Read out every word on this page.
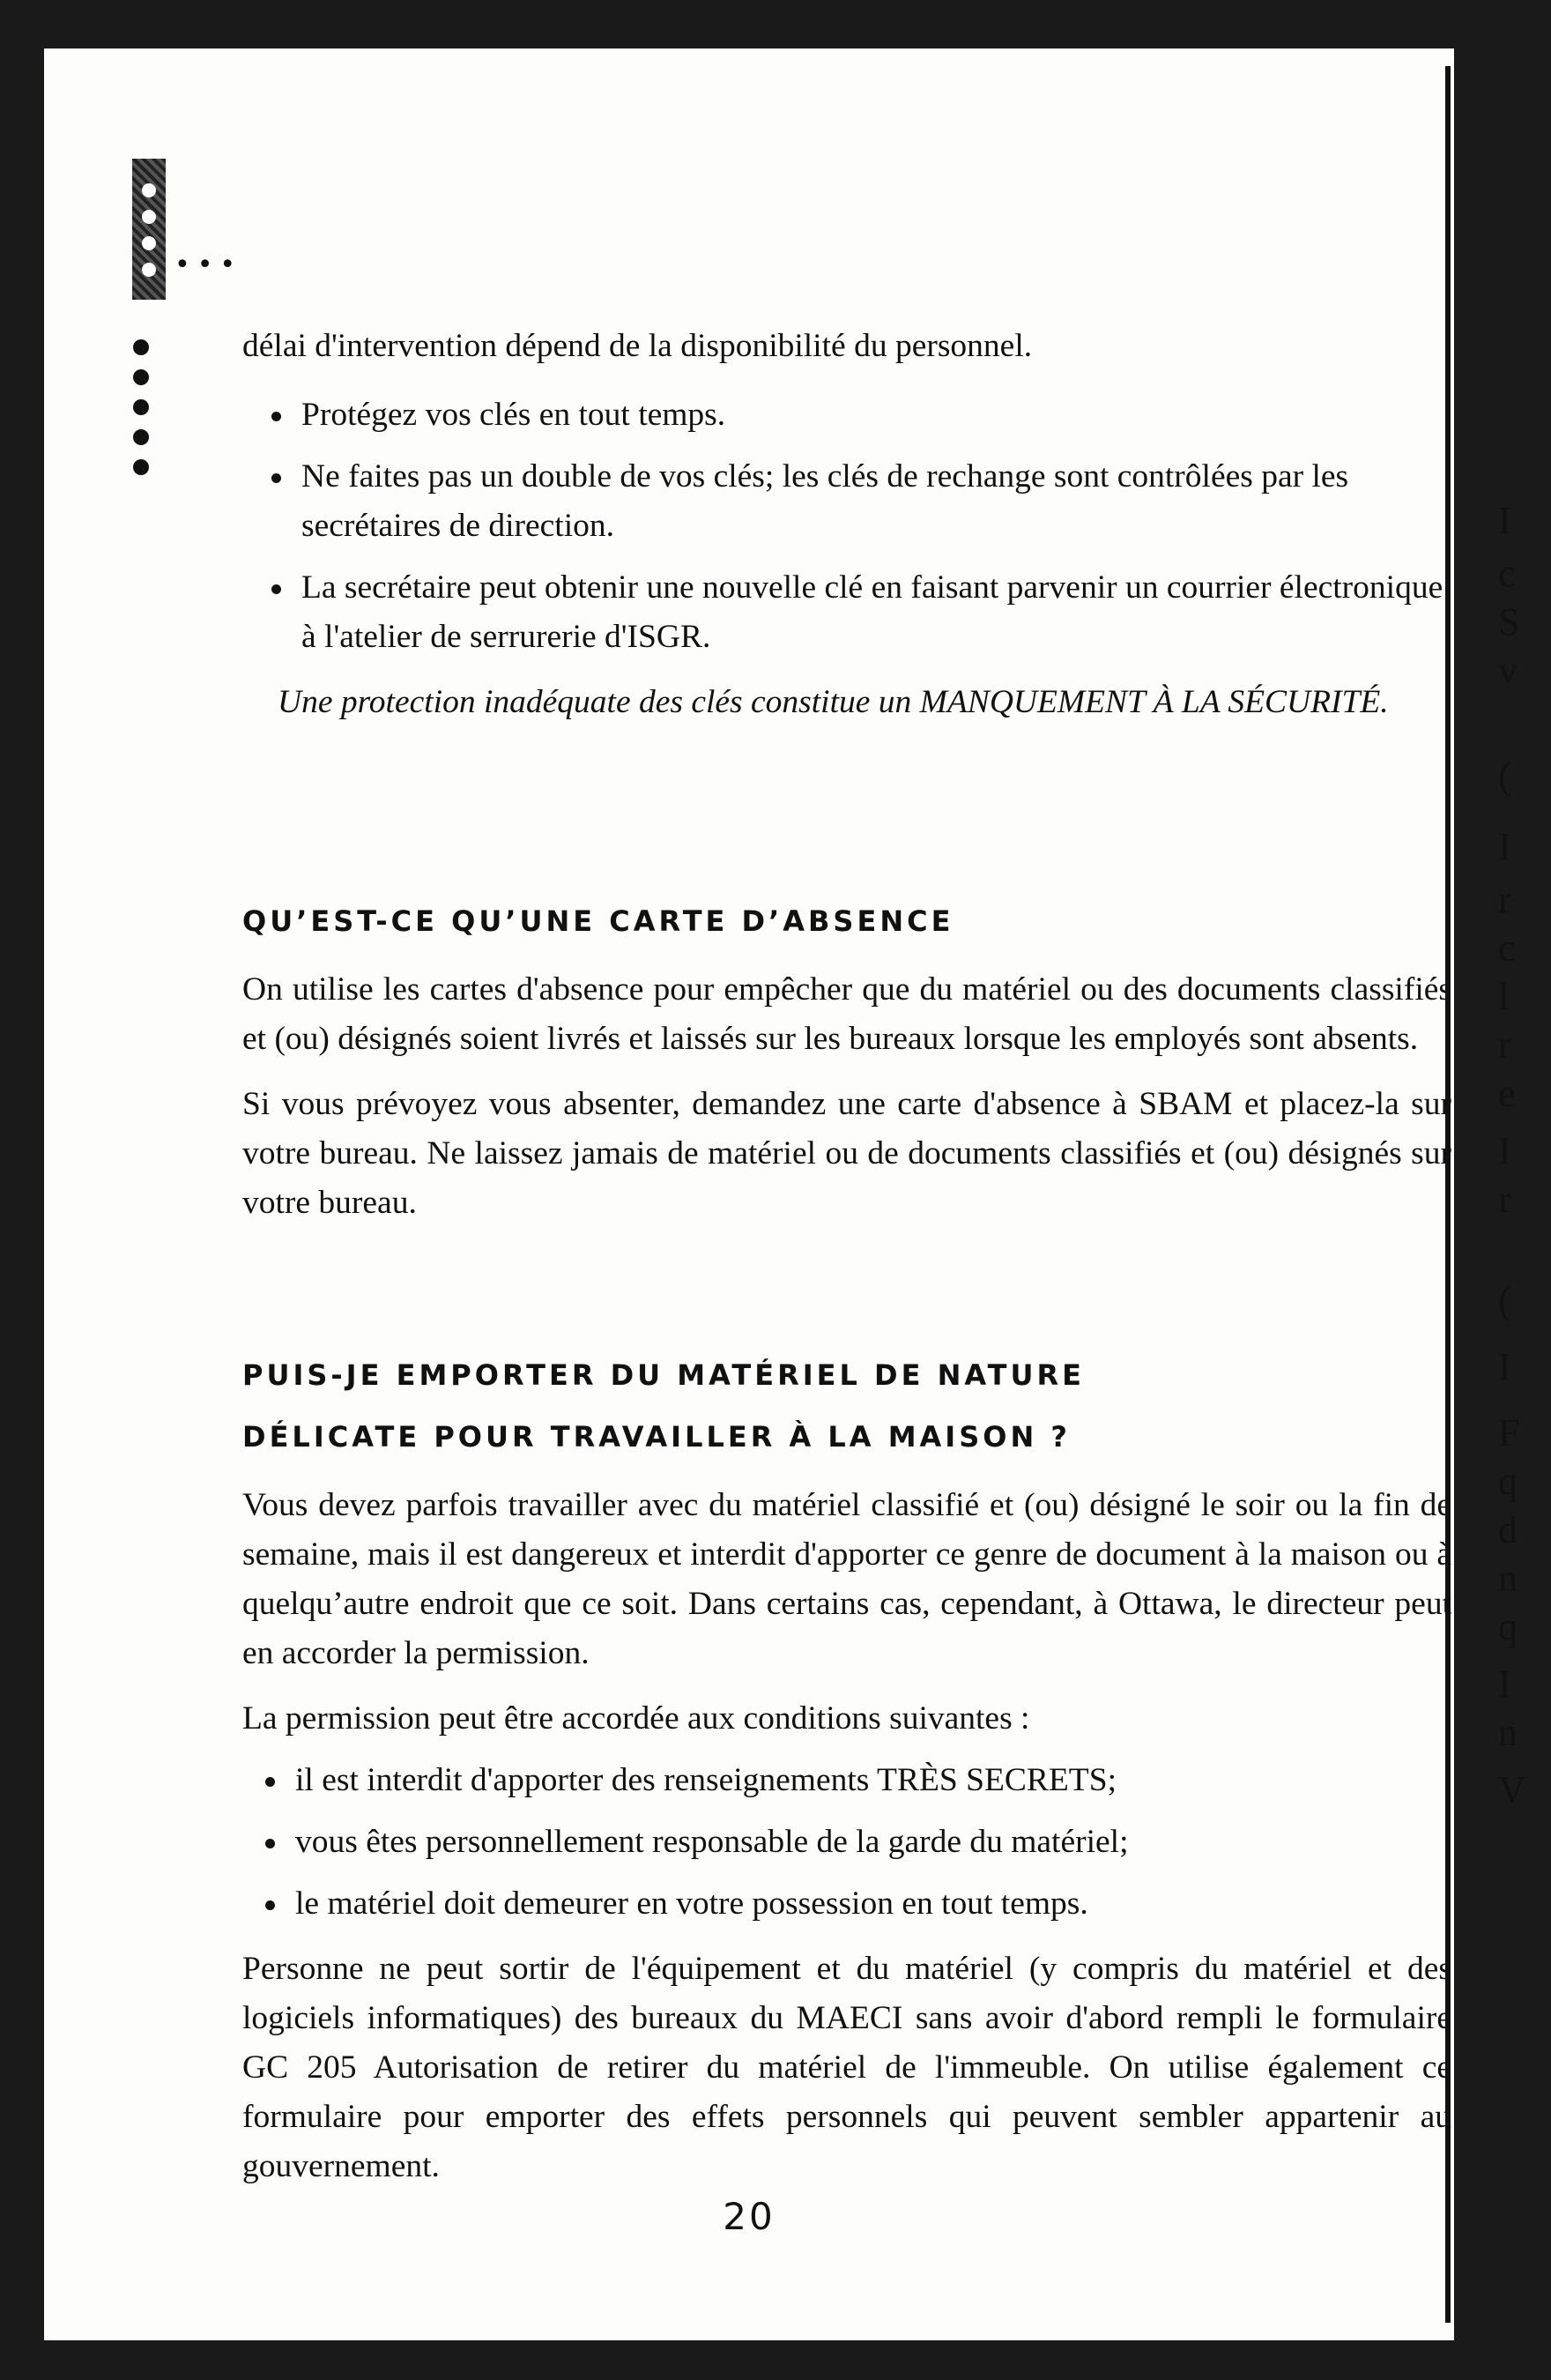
•••

délai d'intervention dépend de la disponibilité du personnel.

Protégez vos clés en tout temps.
Ne faites pas un double de vos clés; les clés de rechange sont contrôlées par les secrétaires de direction.
La secrétaire peut obtenir une nouvelle clé en faisant parvenir un courrier électronique à l'atelier de serrurerie d'ISGR.

Une protection inadéquate des clés constitue un MANQUEMENT À LA SÉCURITÉ.

QU’EST-CE QU’UNE CARTE D’ABSENCE

On utilise les cartes d'absence pour empêcher que du matériel ou des documents classifiés et (ou) désignés soient livrés et laissés sur les bureaux lorsque les employés sont absents.

Si vous prévoyez vous absenter, demandez une carte d'absence à SBAM et placez-la sur votre bureau. Ne laissez jamais de matériel ou de documents classifiés et (ou) désignés sur votre bureau.

PUIS-JE EMPORTER DU MATÉRIEL DE NATURE
DÉLICATE POUR TRAVAILLER À LA MAISON ?

Vous devez parfois travailler avec du matériel classifié et (ou) désigné le soir ou la fin de semaine, mais il est dangereux et interdit d'apporter ce genre de document à la maison ou à quelqu’autre endroit que ce soit. Dans certains cas, cependant, à Ottawa, le directeur peut en accorder la permission.

La permission peut être accordée aux conditions suivantes :

il est interdit d'apporter des renseignements TRÈS SECRETS;
vous êtes personnellement responsable de la garde du matériel;
le matériel doit demeurer en votre possession en tout temps.

Personne ne peut sortir de l'équipement et du matériel (y compris du matériel et des logiciels informatiques) des bureaux du MAECI sans avoir d'abord rempli le formulaire GC 205 Autorisation de retirer du matériel de l'immeuble. On utilise également ce formulaire pour emporter des effets personnels qui peuvent sembler appartenir au gouvernement.

20
I
c
S
v
(
I
r
c
l
r
e
I
r
(
I
F
q
d
n
q
I
n
V
